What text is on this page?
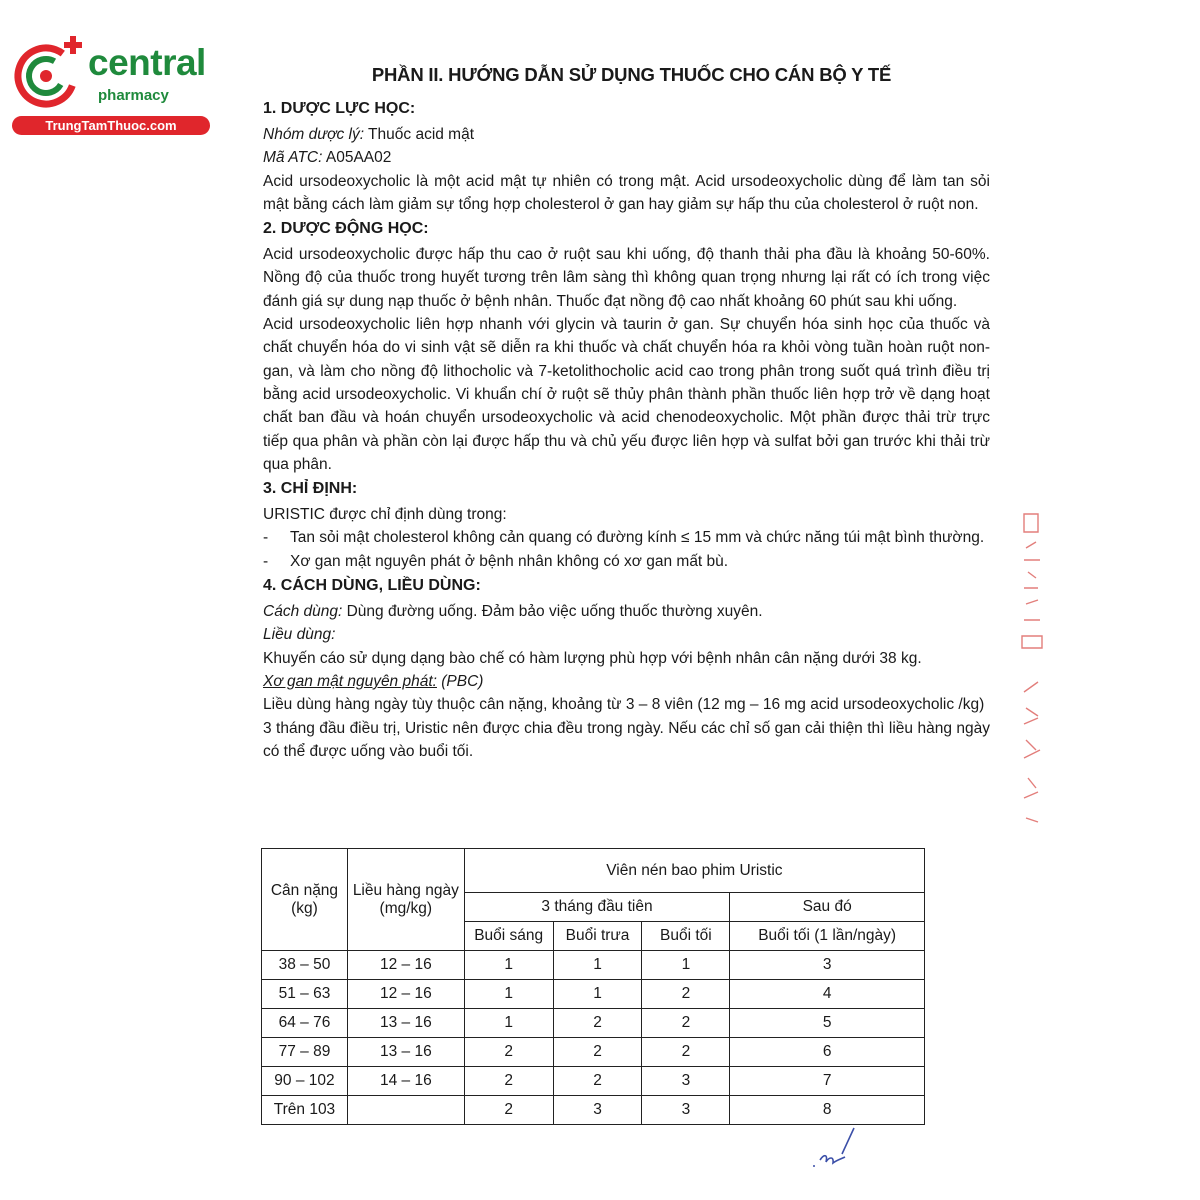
central
pharmacy
TrungTamThuoc.com
PHẦN II. HƯỚNG DẪN SỬ DỤNG THUỐC CHO CÁN BỘ Y TẾ
1. DƯỢC LỰC HỌC:

Nhóm dược lý: Thuốc acid mật

Mã ATC: A05AA02

Acid ursodeoxycholic là một acid mật tự nhiên có trong mật. Acid ursodeoxycholic dùng để làm tan sỏi mật bằng cách làm giảm sự tổng hợp cholesterol ở gan hay giảm sự hấp thu của cholesterol ở ruột non.

2. DƯỢC ĐỘNG HỌC:

Acid ursodeoxycholic được hấp thu cao ở ruột sau khi uống, độ thanh thải pha đầu là khoảng 50-60%. Nồng độ của thuốc trong huyết tương trên lâm sàng thì không quan trọng nhưng lại rất có ích trong việc đánh giá sự dung nạp thuốc ở bệnh nhân. Thuốc đạt nồng độ cao nhất khoảng 60 phút sau khi uống.

Acid ursodeoxycholic liên hợp nhanh với glycin và taurin ở gan. Sự chuyển hóa sinh học của thuốc và chất chuyển hóa do vi sinh vật sẽ diễn ra khi thuốc và chất chuyển hóa ra khỏi vòng tuần hoàn ruột non-gan, và làm cho nồng độ lithocholic và 7-ketolithocholic acid cao trong phân trong suốt quá trình điều trị bằng acid ursodeoxycholic. Vi khuẩn chí ở ruột sẽ thủy phân thành phần thuốc liên hợp trở về dạng hoạt chất ban đầu và hoán chuyển ursodeoxycholic và acid chenodeoxycholic. Một phần được thải trừ trực tiếp qua phân và phần còn lại được hấp thu và chủ yếu được liên hợp và sulfat bởi gan trước khi thải trừ qua phân.

3. CHỈ ĐỊNH:

URISTIC được chỉ định dùng trong:

- Tan sỏi mật cholesterol không cản quang có đường kính ≤ 15 mm và chức năng túi mật bình thường.

- Xơ gan mật nguyên phát ở bệnh nhân không có xơ gan mất bù.

4. CÁCH DÙNG, LIỀU DÙNG:

Cách dùng: Dùng đường uống. Đảm bảo việc uống thuốc thường xuyên.

Liều dùng:

Khuyến cáo sử dụng dạng bào chế có hàm lượng phù hợp với bệnh nhân cân nặng dưới 38 kg.

Xơ gan mật nguyên phát: (PBC)

Liều dùng hàng ngày tùy thuộc cân nặng, khoảng từ 3 – 8 viên (12 mg – 16 mg acid ursodeoxycholic /kg)

3 tháng đầu điều trị, Uristic nên được chia đều trong ngày. Nếu các chỉ số gan cải thiện thì liều hàng ngày có thể được uống vào buổi tối.

Cân nặng (kg)	Liều hàng ngày (mg/kg)	Viên nén bao phim Uristic			
		3 tháng đầu tiên			Sau đó
		Buổi sáng	Buổi trưa	Buổi tối	Buổi tối (1 lần/ngày)
38 – 50	12 – 16	1	1	1	3
51 – 63	12 – 16	1	1	2	4
64 – 76	13 – 16	1	2	2	5
77 – 89	13 – 16	2	2	2	6
90 – 102	14 – 16	2	2	3	7
Trên 103		2	3	3	8
